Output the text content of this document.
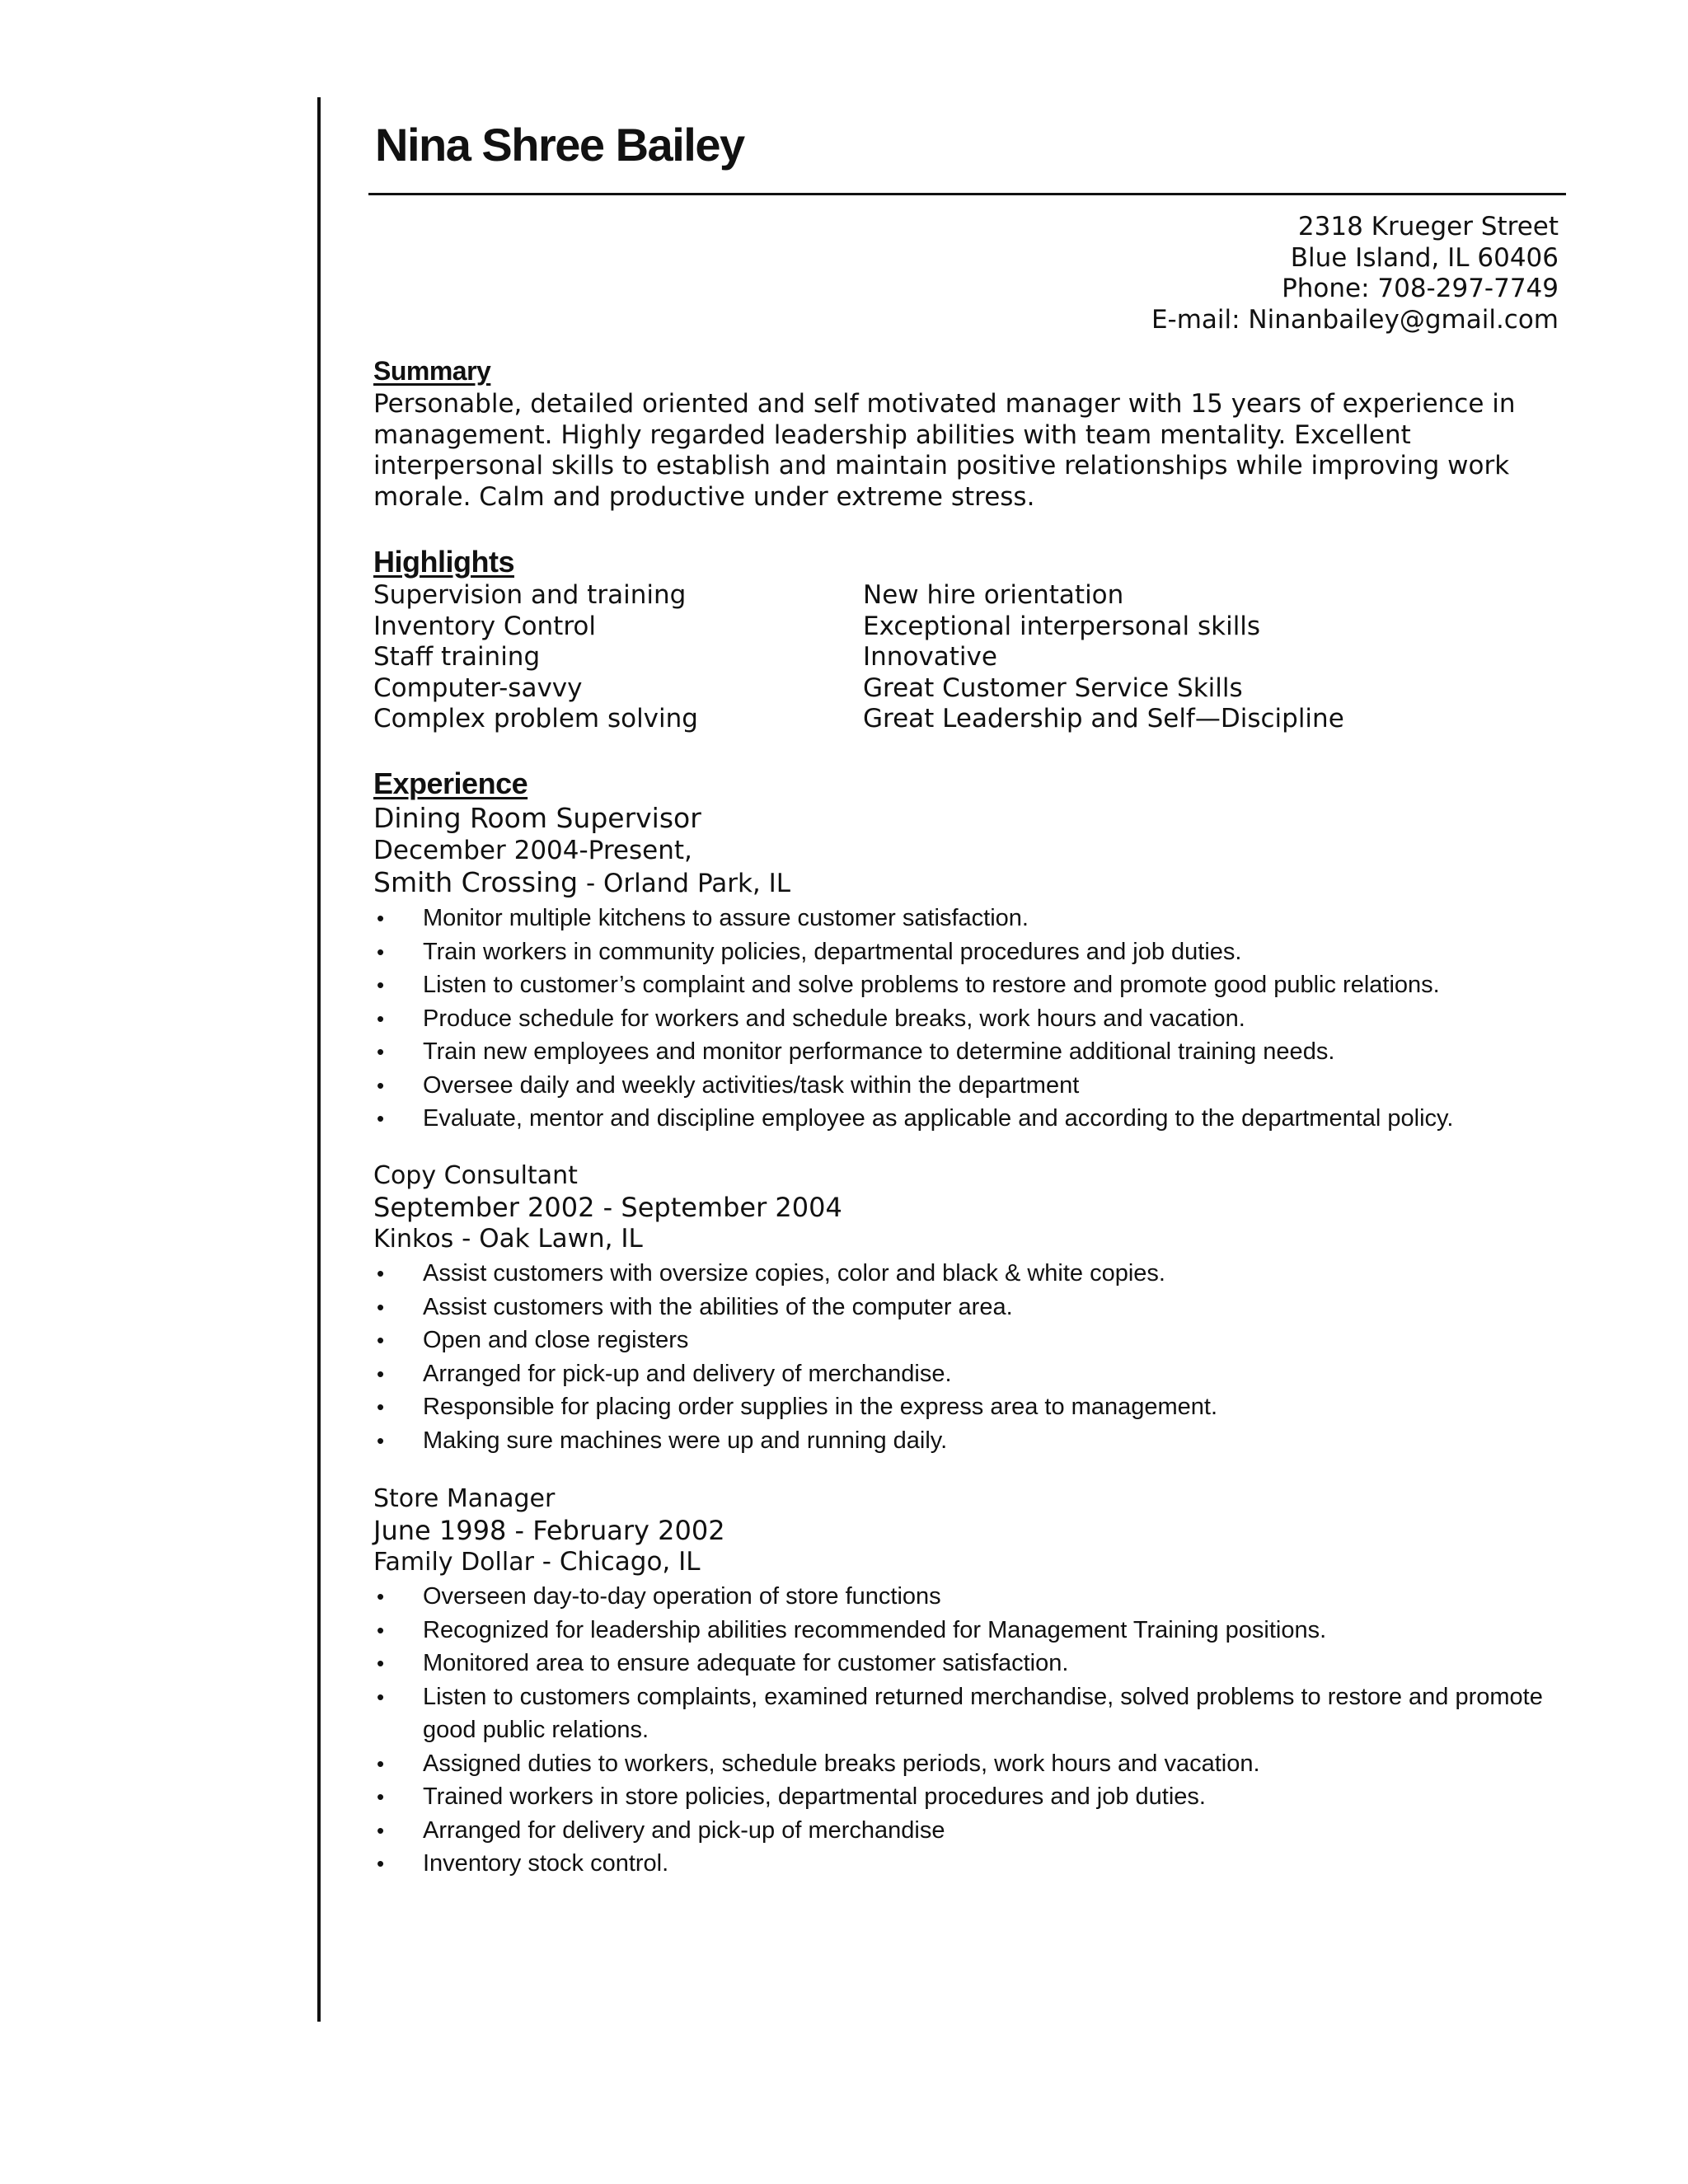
Nina Shree Bailey
2318 Krueger Street
Blue Island, IL 60406
Phone: 708-297-7749
E-mail: Ninanbailey@gmail.com
Summary
Personable, detailed oriented and self motivated manager with 15 years of experience in management. Highly regarded leadership abilities with team mentality. Excellent interpersonal skills to establish and maintain positive relationships while improving work morale. Calm and productive under extreme stress.
Highlights
Supervision and training
Inventory Control
Staff training
Computer-savvy
Complex problem solving
New hire orientation
Exceptional interpersonal skills
Innovative
Great Customer Service Skills
Great Leadership and Self—Discipline
Experience
Dining Room Supervisor
December 2004-Present,
Smith Crossing - Orland Park, IL
• Monitor multiple kitchens to assure customer satisfaction.
• Train workers in community policies, departmental procedures and job duties.
• Listen to customer’s complaint and solve problems to restore and promote good public relations.
• Produce schedule for workers and schedule breaks, work hours and vacation.
• Train new employees and monitor performance to determine additional training needs.
• Oversee daily and weekly activities/task within the department
• Evaluate, mentor and discipline employee as applicable and according to the departmental policy.
Copy Consultant
September 2002 - September 2004
Kinkos - Oak Lawn, IL
• Assist customers with oversize copies, color and black & white copies.
• Assist customers with the abilities of the computer area.
• Open and close registers
• Arranged for pick-up and delivery of merchandise.
• Responsible for placing order supplies in the express area to management.
• Making sure machines were up and running daily.
Store Manager
June 1998 - February 2002
Family Dollar - Chicago, IL
• Overseen day-to-day operation of store functions
• Recognized for leadership abilities recommended for Management Training positions.
• Monitored area to ensure adequate for customer satisfaction.
• Listen to customers complaints, examined returned merchandise, solved problems to restore and promote good public relations.
• Assigned duties to workers, schedule breaks periods, work hours and vacation.
• Trained workers in store policies, departmental procedures and job duties.
• Arranged for delivery and pick-up of merchandise
• Inventory stock control.
